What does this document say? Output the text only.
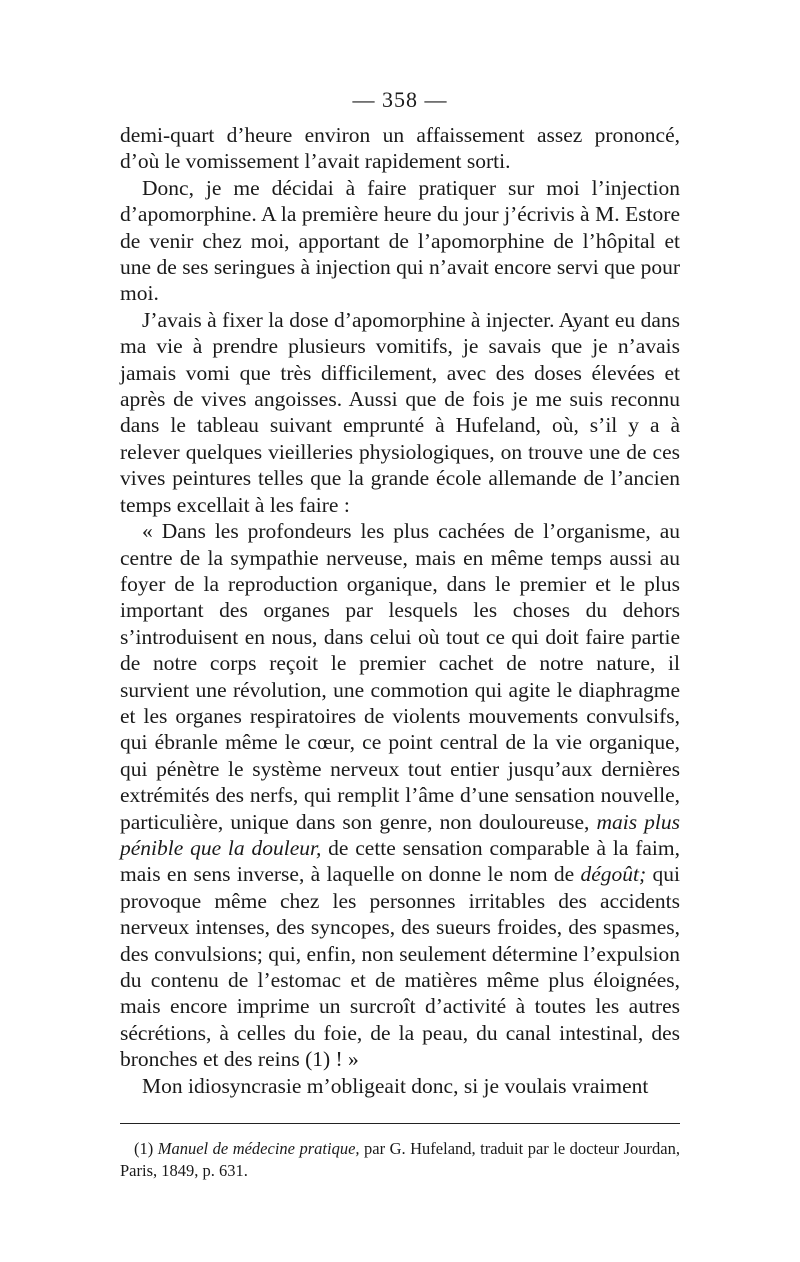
— 358 —

demi-quart d’heure environ un affaissement assez prononcé, d’où le vomissement l’avait rapidement sorti.

Donc, je me décidai à faire pratiquer sur moi l’injection d’apomorphine. A la première heure du jour j’écrivis à M. Estore de venir chez moi, apportant de l’apomorphine de l’hôpital et une de ses seringues à injection qui n’avait encore servi que pour moi.

J’avais à fixer la dose d’apomorphine à injecter. Ayant eu dans ma vie à prendre plusieurs vomitifs, je savais que je n’avais jamais vomi que très difficilement, avec des doses élevées et après de vives angoisses. Aussi que de fois je me suis reconnu dans le tableau suivant emprunté à Hufeland, où, s’il y a à relever quelques vieilleries physiologiques, on trouve une de ces vives peintures telles que la grande école allemande de l’ancien temps excellait à les faire :

« Dans les profondeurs les plus cachées de l’organisme, au centre de la sympathie nerveuse, mais en même temps aussi au foyer de la reproduction organique, dans le premier et le plus important des organes par lesquels les choses du dehors s’introduisent en nous, dans celui où tout ce qui doit faire partie de notre corps reçoit le premier cachet de notre nature, il survient une révolution, une commotion qui agite le diaphragme et les organes respiratoires de violents mouvements convulsifs, qui ébranle même le cœur, ce point central de la vie organique, qui pénètre le système nerveux tout entier jusqu’aux dernières extrémités des nerfs, qui remplit l’âme d’une sensation nouvelle, particulière, unique dans son genre, non douloureuse, mais plus pénible que la douleur, de cette sensation comparable à la faim, mais en sens inverse, à laquelle on donne le nom de dégoût; qui provoque même chez les personnes irritables des accidents nerveux intenses, des syncopes, des sueurs froides, des spasmes, des convulsions; qui, enfin, non seulement détermine l’expulsion du contenu de l’estomac et de matières même plus éloignées, mais encore imprime un surcroît d’activité à toutes les autres sécrétions, à celles du foie, de la peau, du canal intestinal, des bronches et des reins (1) ! »

Mon idiosyncrasie m’obligeait donc, si je voulais vraiment

(1) Manuel de médecine pratique, par G. Hufeland, traduit par le docteur Jourdan, Paris, 1849, p. 631.
